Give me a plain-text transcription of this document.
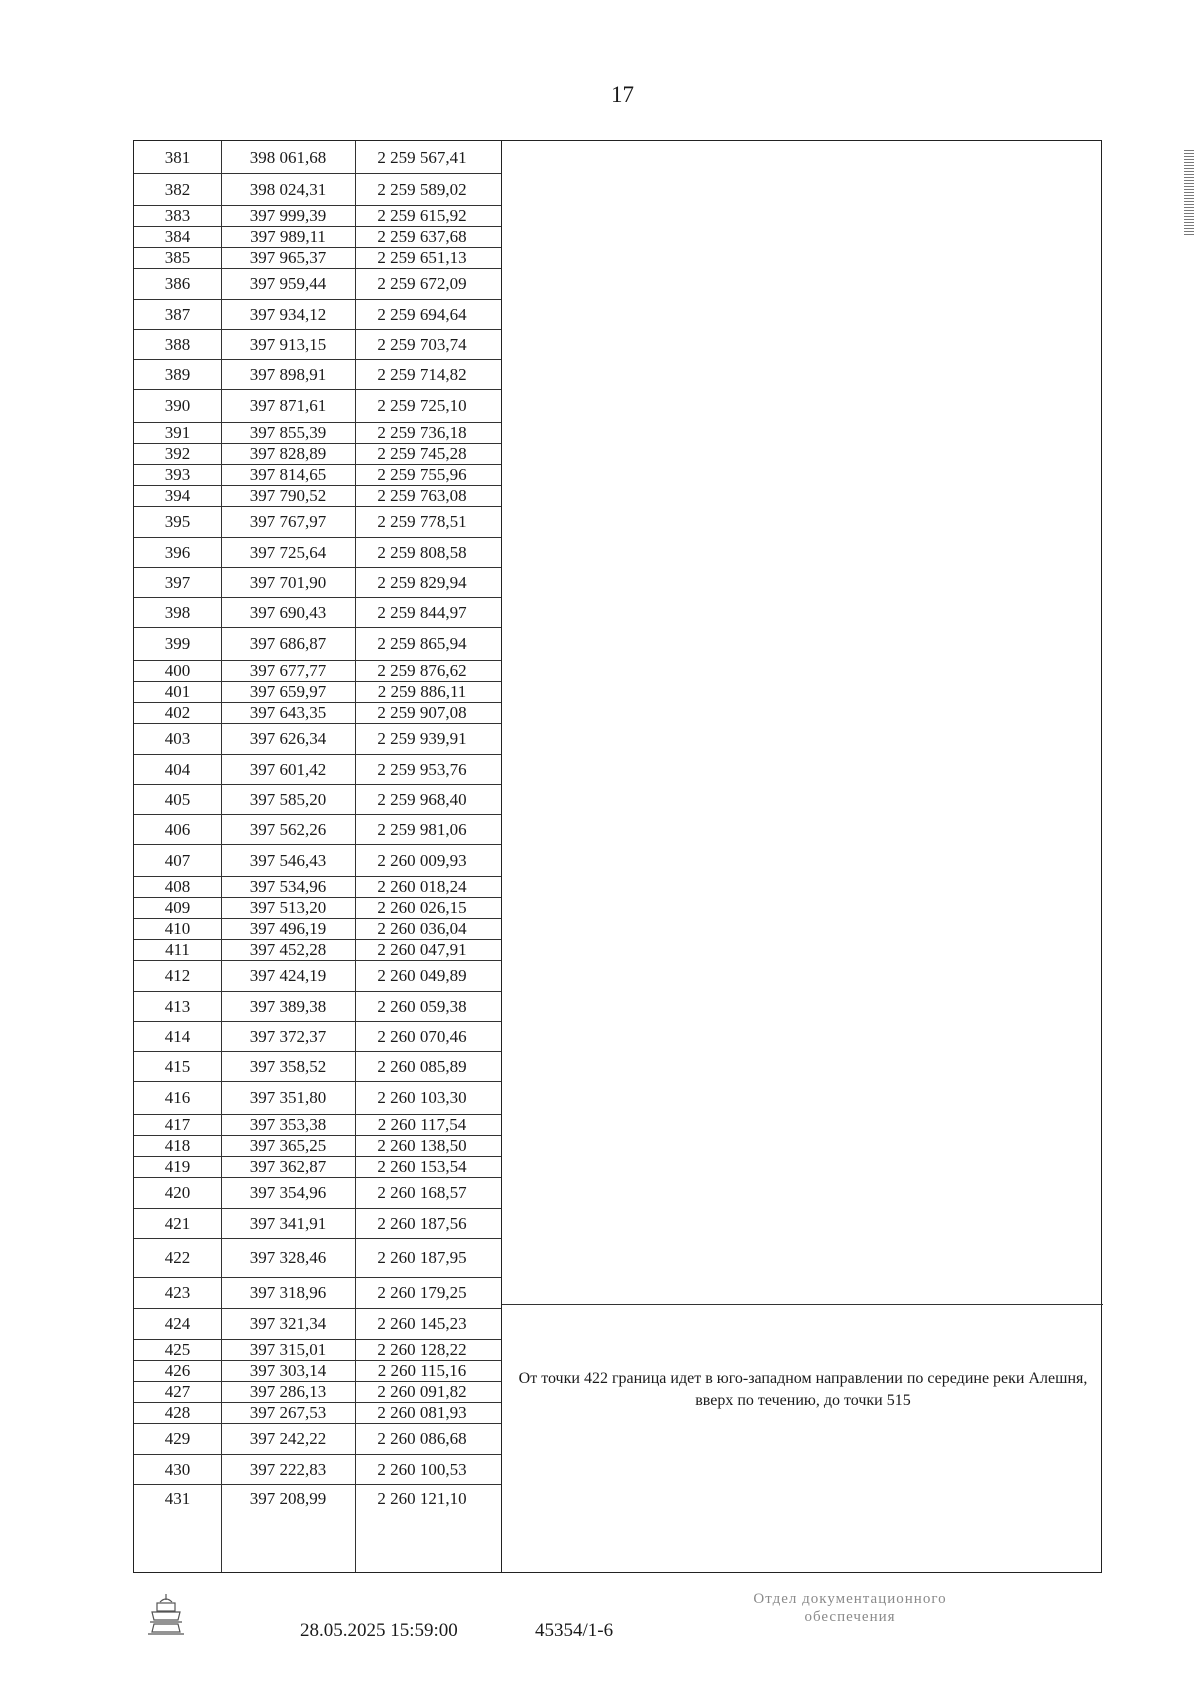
17
381	398 061,68	2 259 567,41
382	398 024,31	2 259 589,02
383	397 999,39	2 259 615,92
384	397 989,11	2 259 637,68
385	397 965,37	2 259 651,13
386	397 959,44	2 259 672,09
387	397 934,12	2 259 694,64
388	397 913,15	2 259 703,74
389	397 898,91	2 259 714,82
390	397 871,61	2 259 725,10
391	397 855,39	2 259 736,18
392	397 828,89	2 259 745,28
393	397 814,65	2 259 755,96
394	397 790,52	2 259 763,08
395	397 767,97	2 259 778,51
396	397 725,64	2 259 808,58
397	397 701,90	2 259 829,94
398	397 690,43	2 259 844,97
399	397 686,87	2 259 865,94
400	397 677,77	2 259 876,62
401	397 659,97	2 259 886,11
402	397 643,35	2 259 907,08
403	397 626,34	2 259 939,91
404	397 601,42	2 259 953,76
405	397 585,20	2 259 968,40
406	397 562,26	2 259 981,06
407	397 546,43	2 260 009,93
408	397 534,96	2 260 018,24
409	397 513,20	2 260 026,15
410	397 496,19	2 260 036,04
411	397 452,28	2 260 047,91
412	397 424,19	2 260 049,89
413	397 389,38	2 260 059,38
414	397 372,37	2 260 070,46
415	397 358,52	2 260 085,89
416	397 351,80	2 260 103,30
417	397 353,38	2 260 117,54
418	397 365,25	2 260 138,50
419	397 362,87	2 260 153,54
420	397 354,96	2 260 168,57
421	397 341,91	2 260 187,56
422	397 328,46	2 260 187,95
423	397 318,96	2 260 179,25
424	397 321,34	2 260 145,23
425	397 315,01	2 260 128,22
426	397 303,14	2 260 115,16
427	397 286,13	2 260 091,82
428	397 267,53	2 260 081,93
429	397 242,22	2 260 086,68
430	397 222,83	2 260 100,53
431	397 208,99	2 260 121,10
От точки 422 граница идет в юго-западном направлении по середине реки Алешня, вверх по течению, до точки 515
28.05.2025 15:59:00	45354/1-6
Отдел документационного
обеспечения
